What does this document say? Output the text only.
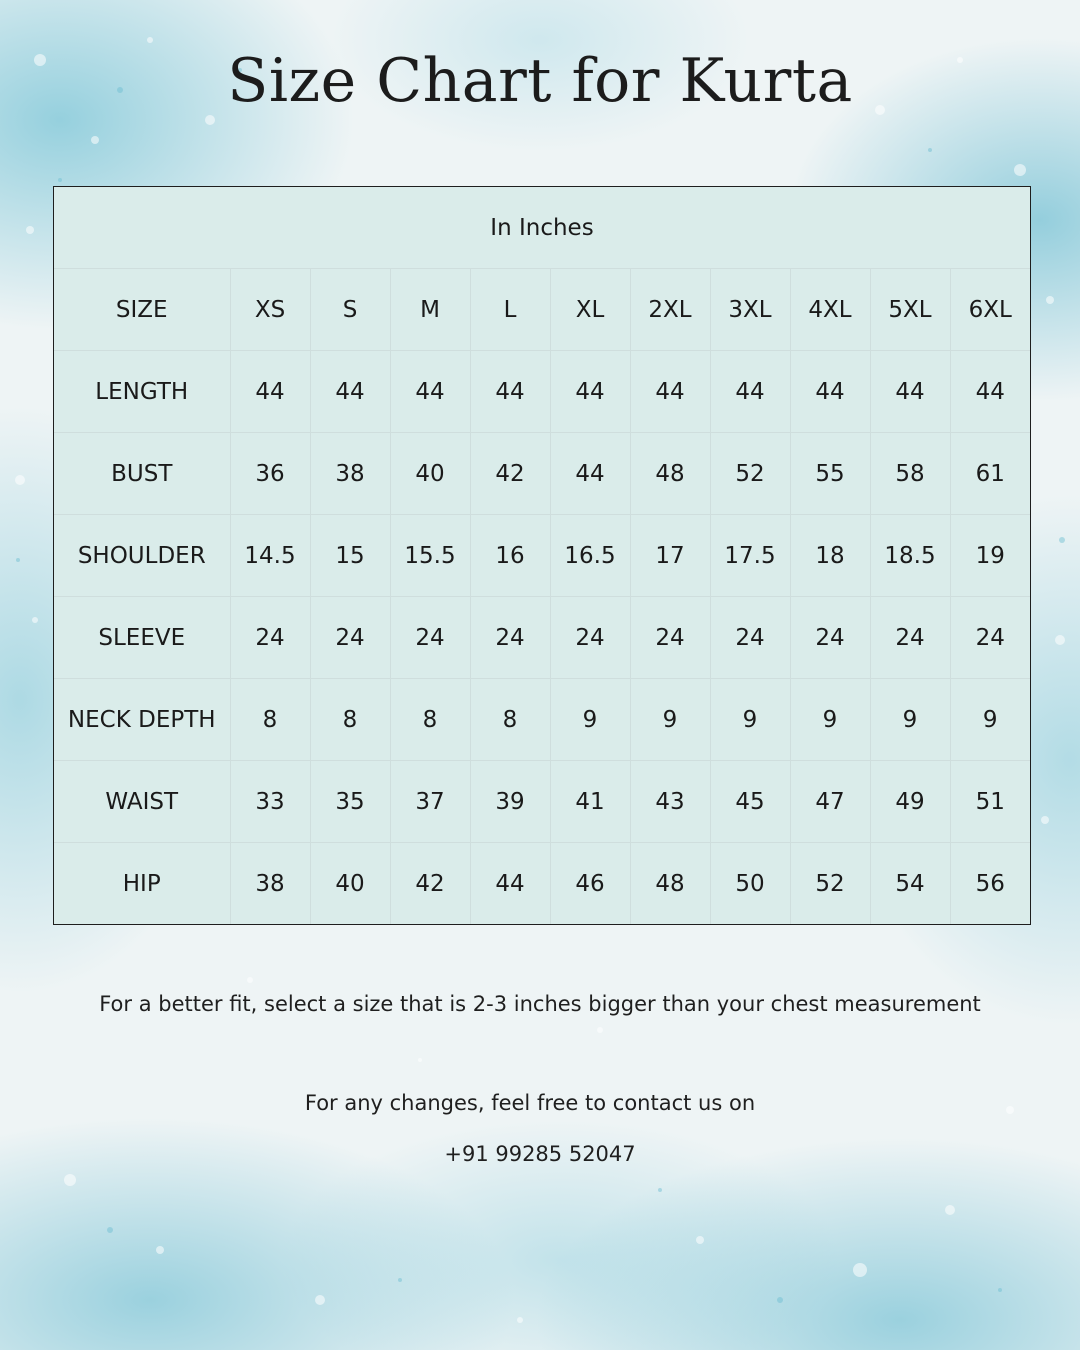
Size Chart for Kurta
In Inches										
SIZE	XS	S	M	L	XL	2XL	3XL	4XL	5XL	6XL
LENGTH	44	44	44	44	44	44	44	44	44	44
BUST	36	38	40	42	44	48	52	55	58	61
SHOULDER	14.5	15	15.5	16	16.5	17	17.5	18	18.5	19
SLEEVE	24	24	24	24	24	24	24	24	24	24
NECK DEPTH	8	8	8	8	9	9	9	9	9	9
WAIST	33	35	37	39	41	43	45	47	49	51
HIP	38	40	42	44	46	48	50	52	54	56

For a better fit, select a size that is 2-3 inches bigger than your chest measurement

For any changes, feel free to contact us on

+91 99285 52047
